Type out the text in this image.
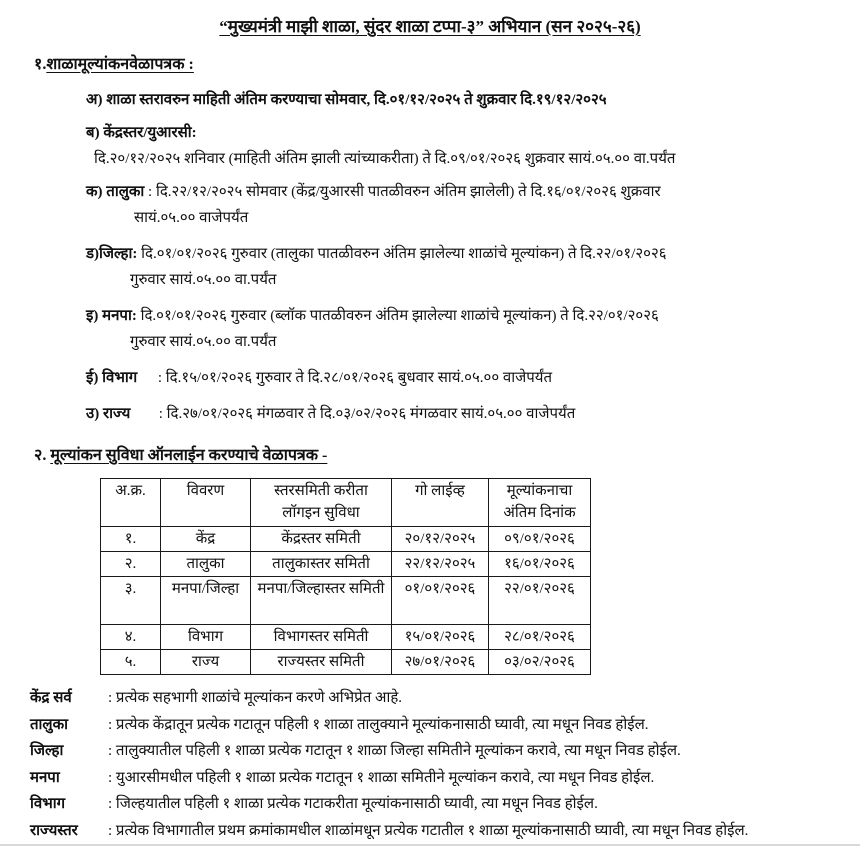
“मुख्यमंत्री माझी शाळा, सुंदर शाळा टप्पा-३” अभियान (सन २०२५-२६)
१.शाळामूल्यांकनवेळापत्रक :
अ) शाळा स्तरावरुन माहिती अंतिम करण्याचा सोमवार, दि.०१/१२/२०२५ ते शुक्रवार दि.१९/१२/२०२५
ब) केंद्रस्तर/युआरसी:
दि.२०/१२/२०२५ शनिवार (माहिती अंतिम झाली त्यांच्याकरीता) ते दि.०९/०१/२०२६ शुक्रवार सायं.०५.०० वा.पर्यंत
क) तालुका : दि.२२/१२/२०२५ सोमवार (केंद्र/युआरसी पातळीवरुन अंतिम झालेली) ते दि.१६/०१/२०२६ शुक्रवार
सायं.०५.०० वाजेपर्यंत
ड)जिल्हा: दि.०१/०१/२०२६ गुरुवार (तालुका पातळीवरुन अंतिम झालेल्या शाळांचे मूल्यांकन) ते दि.२२/०१/२०२६
गुरुवार सायं.०५.०० वा.पर्यंत
इ) मनपा: दि.०१/०१/२०२६ गुरुवार (ब्लॉक पातळीवरुन अंतिम झालेल्या शाळांचे मूल्यांकन) ते दि.२२/०१/२०२६
गुरुवार सायं.०५.०० वा.पर्यंत
ई) विभाग : दि.१५/०१/२०२६ गुरुवार ते दि.२८/०१/२०२६ बुधवार सायं.०५.०० वाजेपर्यंत
उ) राज्य : दि.२७/०१/२०२६ मंगळवार ते दि.०३/०२/२०२६ मंगळवार सायं.०५.०० वाजेपर्यंत
२. मूल्यांकन सुविधा ऑनलाईन करण्याचे वेळापत्रक -
अ.क्र.	विवरण	स्तरसमिती करीता लॉगइन सुविधा	गो लाईव्ह	मूल्यांकनाचा अंतिम दिनांक
१.	केंद्र	केंद्रस्तर समिती	२०/१२/२०२५	०९/०१/२०२६
२.	तालुका	तालुकास्तर समिती	२२/१२/२०२५	१६/०१/२०२६
३.	मनपा/जिल्हा	मनपा/जिल्हास्तर समिती	०१/०१/२०२६	२२/०१/२०२६
४.	विभाग	विभागस्तर समिती	१५/०१/२०२६	२८/०१/२०२६
५.	राज्य	राज्यस्तर समिती	२७/०१/२०२६	०३/०२/२०२६
केंद्र सर्व	: प्रत्येक सहभागी शाळांचे मूल्यांकन करणे अभिप्रेत आहे.
तालुका	: प्रत्येक केंद्रातून प्रत्येक गटातून पहिली १ शाळा तालुक्याने मूल्यांकनासाठी घ्यावी, त्या मधून निवड होईल.
जिल्हा	: तालुक्यातील पहिली १ शाळा प्रत्येक गटातून १ शाळा जिल्हा समितीने मूल्यांकन करावे, त्या मधून निवड होईल.
मनपा	: युआरसीमधील पहिली १ शाळा प्रत्येक गटातून १ शाळा समितीने मूल्यांकन करावे, त्या मधून निवड होईल.
विभाग	: जिल्हयातील पहिली १ शाळा प्रत्येक गटाकरीता मूल्यांकनासाठी घ्यावी, त्या मधून निवड होईल.
राज्यस्तर	: प्रत्येक विभागातील प्रथम क्रमांकामधील शाळांमधून प्रत्येक गटातील १ शाळा मूल्यांकनासाठी घ्यावी, त्या मधून निवड होईल.
